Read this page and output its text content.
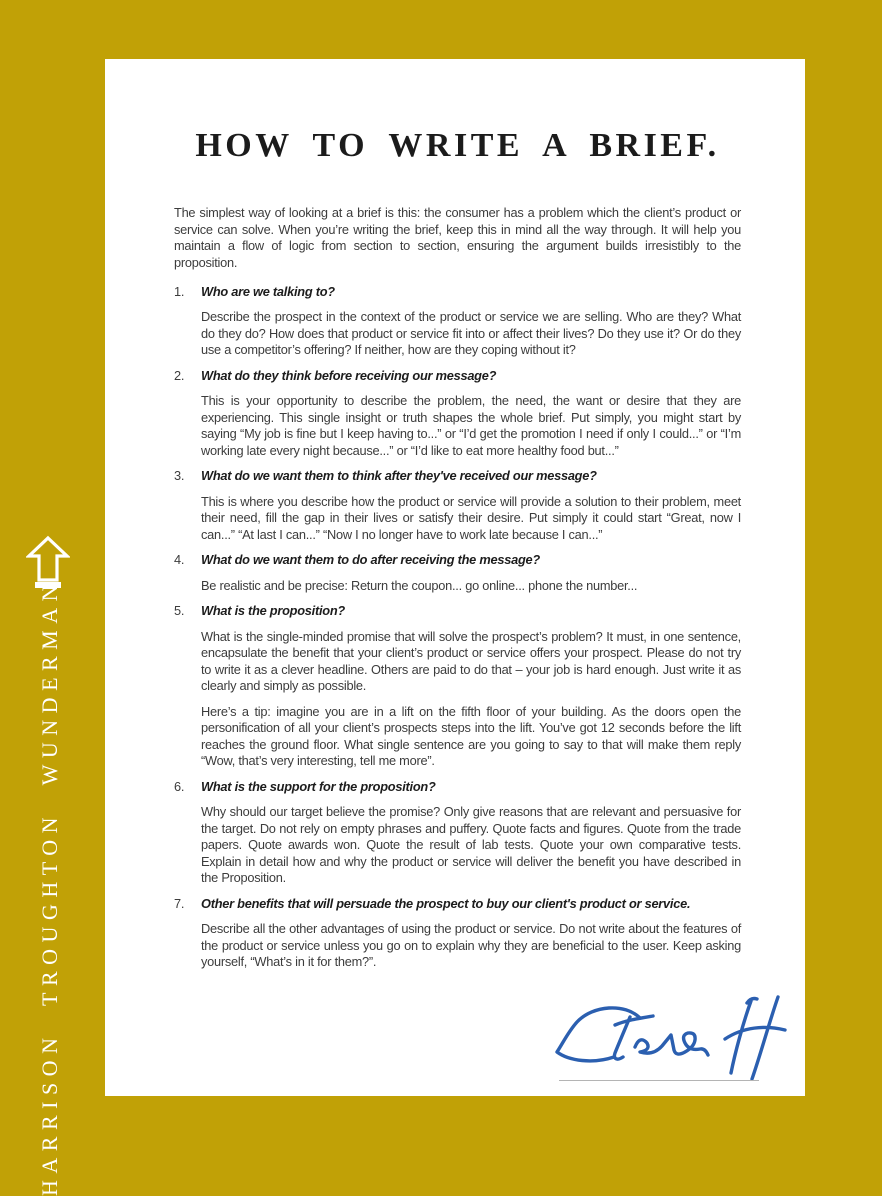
HARRISON TROUGHTON WUNDERMAN
HOW TO WRITE A BRIEF.

The simplest way of looking at a brief is this: the consumer has a problem which the client’s product or service can solve. When you’re writing the brief, keep this in mind all the way through. It will help you maintain a flow of logic from section to section, ensuring the argument builds irresistibly to the proposition.

1.	Who are we talking to?

Describe the prospect in the context of the product or service we are selling. Who are they? What do they do? How does that product or service fit into or affect their lives? Do they use it? Or do they use a competitor’s offering? If neither, how are they coping without it?

2.	What do they think before receiving our message?

This is your opportunity to describe the problem, the need, the want or desire that they are experiencing. This single insight or truth shapes the whole brief. Put simply, you might start by saying “My job is fine but I keep having to...” or “I’d get the promotion I need if only I could...” or “I’m working late every night because...” or “I’d like to eat more healthy food but...”

3.	What do we want them to think after they've received our message?

This is where you describe how the product or service will provide a solution to their problem, meet their need, fill the gap in their lives or satisfy their desire. Put simply it could start “Great, now I can...” “At last I can...” “Now I no longer have to work late because I can...”

4.	What do we want them to do after receiving the message?

Be realistic and be precise: Return the coupon... go online... phone the number...

5.	What is the proposition?

What is the single-minded promise that will solve the prospect’s problem? It must, in one sentence, encapsulate the benefit that your client’s product or service offers your prospect. Please do not try to write it as a clever headline. Others are paid to do that – your job is hard enough. Just write it as clearly and simply as possible.

Here’s a tip: imagine you are in a lift on the fifth floor of your building. As the doors open the personification of all your client’s prospects steps into the lift. You’ve got 12 seconds before the lift reaches the ground floor. What single sentence are you going to say to that will make them reply “Wow, that’s very interesting, tell me more”.

6.	What is the support for the proposition?

Why should our target believe the promise? Only give reasons that are relevant and persuasive for the target. Do not rely on empty phrases and puffery. Quote facts and figures. Quote from the trade papers. Quote awards won. Quote the result of lab tests. Quote your own comparative tests. Explain in detail how and why the product or service will deliver the benefit you have described in the Proposition.

7.	Other benefits that will persuade the prospect to buy our client's product or service.

Describe all the other advantages of using the product or service. Do not write about the features of the product or service unless you go on to explain why they are beneficial to the user. Keep asking yourself, “What’s in it for them?”.
